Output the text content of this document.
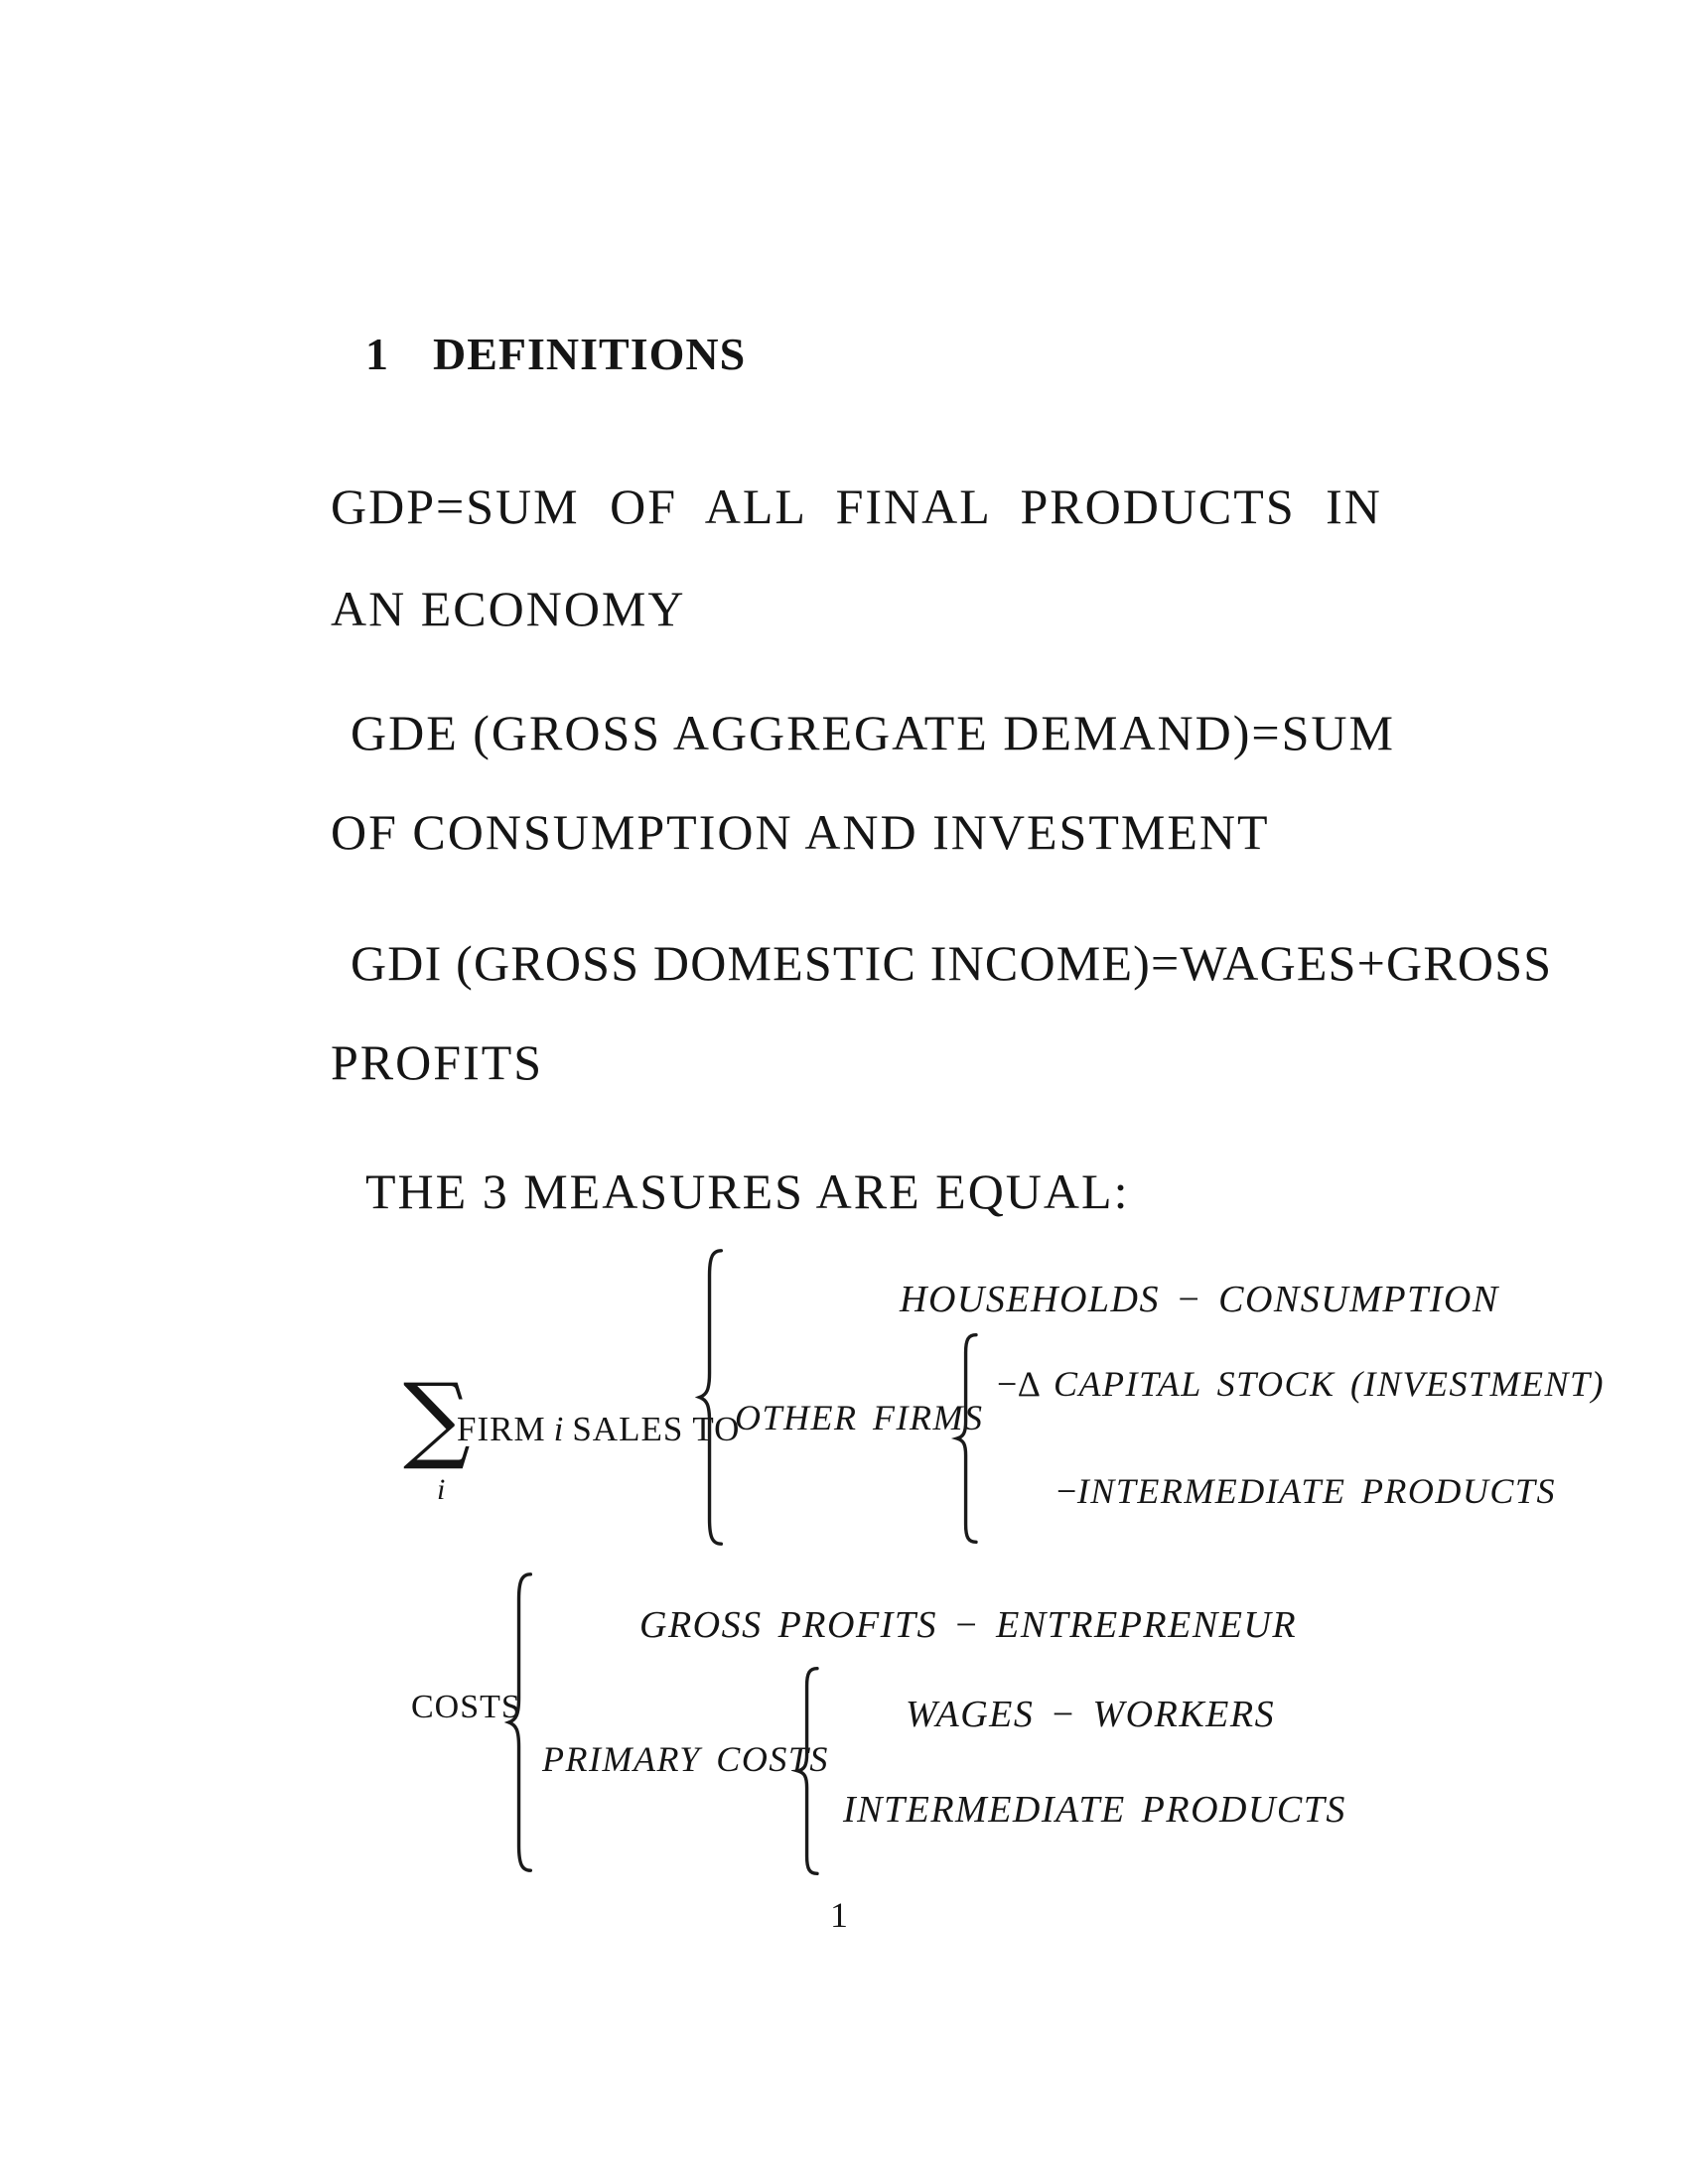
1 DEFINITIONS
GDP=SUM OF ALL FINAL PRODUCTS IN
AN ECONOMY
GDE (GROSS AGGREGATE DEMAND)=SUM
OF CONSUMPTION AND INVESTMENT
GDI (GROSS DOMESTIC INCOME)=WAGES+GROSS
PROFITS
THE 3 MEASURES ARE EQUAL:
∑
i
FIRM i SALES TO
HOUSEHOLDS − CONSUMPTION
OTHER FIRMS
−Δ CAPITAL STOCK (INVESTMENT)
−INTERMEDIATE PRODUCTS
COSTS
GROSS PROFITS − ENTREPRENEUR
PRIMARY COSTS
WAGES − WORKERS
INTERMEDIATE PRODUCTS
1
